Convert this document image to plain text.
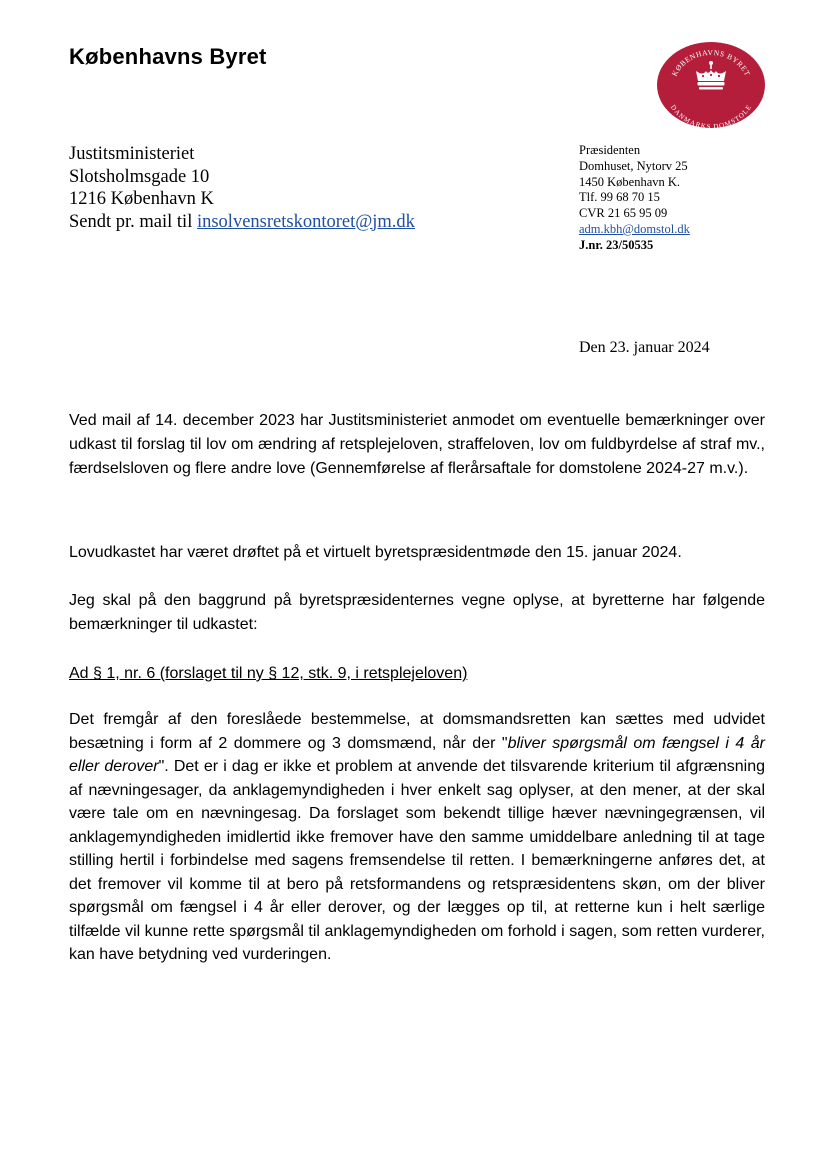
Københavns Byret
KØBENHAVNS BYRET
DANMARKS DOMSTOLE
Justitsministeriet
Slotsholmsgade 10
1216 København K
Sendt pr. mail til insolvensretskontoret@jm.dk
Præsidenten
Domhuset, Nytorv 25
1450 København K.
Tlf. 99 68 70 15
CVR 21 65 95 09
adm.kbh@domstol.dk
J.nr. 23/50535
Den 23. januar 2024
Ved mail af 14. december 2023 har Justitsministeriet anmodet om eventuelle bemærkninger over udkast til forslag til lov om ændring af retsplejeloven, straffeloven, lov om fuldbyrdelse af straf mv., færdselsloven og flere andre love (Gennemførelse af flerårsaftale for domstolene 2024-27 m.v.).
Lovudkastet har været drøftet på et virtuelt byretspræsidentmøde den 15. januar 2024.
Jeg skal på den baggrund på byretspræsidenternes vegne oplyse, at byretterne har følgende bemærkninger til udkastet:
Ad § 1, nr. 6 (forslaget til ny § 12, stk. 9, i retsplejeloven)
Det fremgår af den foreslåede bestemmelse, at domsmandsretten kan sættes med udvidet besætning i form af 2 dommere og 3 domsmænd, når der "bliver spørgsmål om fængsel i 4 år eller derover". Det er i dag er ikke et problem at anvende det tilsvarende kriterium til afgrænsning af nævningesager, da anklagemyndigheden i hver enkelt sag oplyser, at den mener, at der skal være tale om en nævningesag. Da forslaget som bekendt tillige hæver nævningegrænsen, vil anklagemyndigheden imidlertid ikke fremover have den samme umiddelbare anledning til at tage stilling hertil i forbindelse med sagens fremsendelse til retten. I bemærkningerne anføres det, at det fremover vil komme til at bero på retsformandens og retspræsidentens skøn, om der bliver spørgsmål om fængsel i 4 år eller derover, og der lægges op til, at retterne kun i helt særlige tilfælde vil kunne rette spørgsmål til anklagemyndigheden om forhold i sagen, som retten vurderer, kan have betydning ved vurderingen.
